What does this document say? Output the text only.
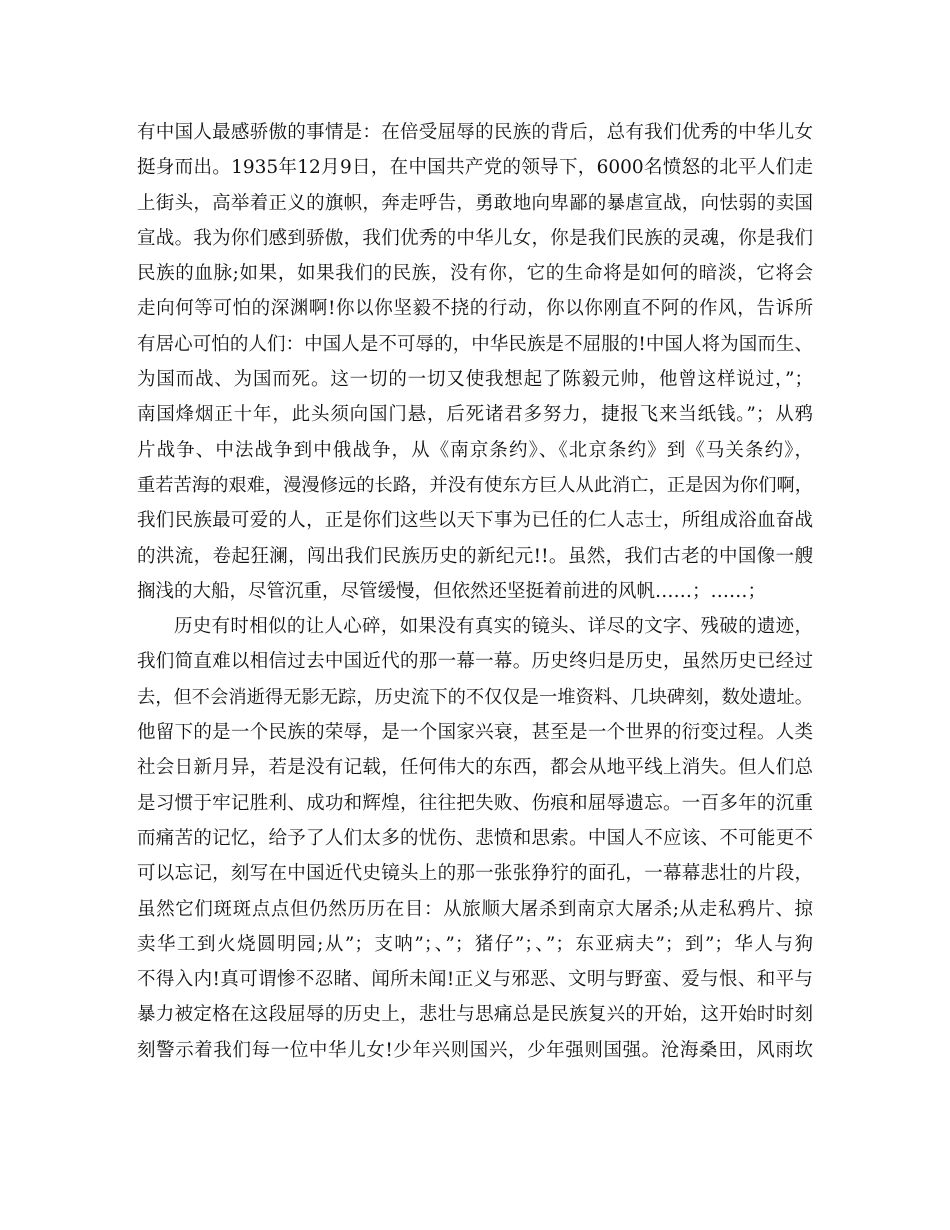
有中国人最感骄傲的事情是：在倍受屈辱的民族的背后，总有我们优秀的中华儿女
挺身而出。1935年12月9日，在中国共产党的领导下，6000名愤怒的北平人们走
上街头，高举着正义的旗帜，奔走呼告，勇敢地向卑鄙的暴虐宣战，向怯弱的卖国
宣战。我为你们感到骄傲，我们优秀的中华儿女，你是我们民族的灵魂，你是我们
民族的血脉;如果，如果我们的民族，没有你，它的生命将是如何的暗淡，它将会
走向何等可怕的深渊啊!你以你坚毅不挠的行动，你以你刚直不阿的作风，告诉所
有居心可怕的人们：中国人是不可辱的，中华民族是不屈服的!中国人将为国而生、
为国而战、为国而死。这一切的一切又使我想起了陈毅元帅，他曾这样说过，”；
南国烽烟正十年，此头须向国门悬，后死诸君多努力，捷报飞来当纸钱。”；从鸦
片战争、中法战争到中俄战争，从《南京条约》、《北京条约》到《马关条约》，
重若苦海的艰难，漫漫修远的长路，并没有使东方巨人从此消亡，正是因为你们啊，
我们民族最可爱的人，正是你们这些以天下事为已任的仁人志士，所组成浴血奋战
的洪流，卷起狂澜，闯出我们民族历史的新纪元!!。虽然，我们古老的中国像一艘
搁浅的大船，尽管沉重，尽管缓慢，但依然还坚挺着前进的风帆……；……；
历史有时相似的让人心碎，如果没有真实的镜头、详尽的文字、残破的遗迹，
我们简直难以相信过去中国近代的那一幕一幕。历史终归是历史，虽然历史已经过
去，但不会消逝得无影无踪，历史流下的不仅仅是一堆资料、几块碑刻，数处遗址。
他留下的是一个民族的荣辱，是一个国家兴衰，甚至是一个世界的衍变过程。人类
社会日新月异，若是没有记载，任何伟大的东西，都会从地平线上消失。但人们总
是习惯于牢记胜利、成功和辉煌，往往把失败、伤痕和屈辱遗忘。一百多年的沉重
而痛苦的记忆，给予了人们太多的忧伤、悲愤和思索。中国人不应该、不可能更不
可以忘记，刻写在中国近代史镜头上的那一张张狰狞的面孔，一幕幕悲壮的片段，
虽然它们斑斑点点但仍然历历在目：从旅顺大屠杀到南京大屠杀;从走私鸦片、掠
卖华工到火烧圆明园;从”；支呐”；、”；猪仔”；、”；东亚病夫”；到”；华人与狗
不得入内!真可谓惨不忍睹、闻所未闻!正义与邪恶、文明与野蛮、爱与恨、和平与
暴力被定格在这段屈辱的历史上，悲壮与思痛总是民族复兴的开始，这开始时时刻
刻警示着我们每一位中华儿女!少年兴则国兴，少年强则国强。沧海桑田，风雨坎
